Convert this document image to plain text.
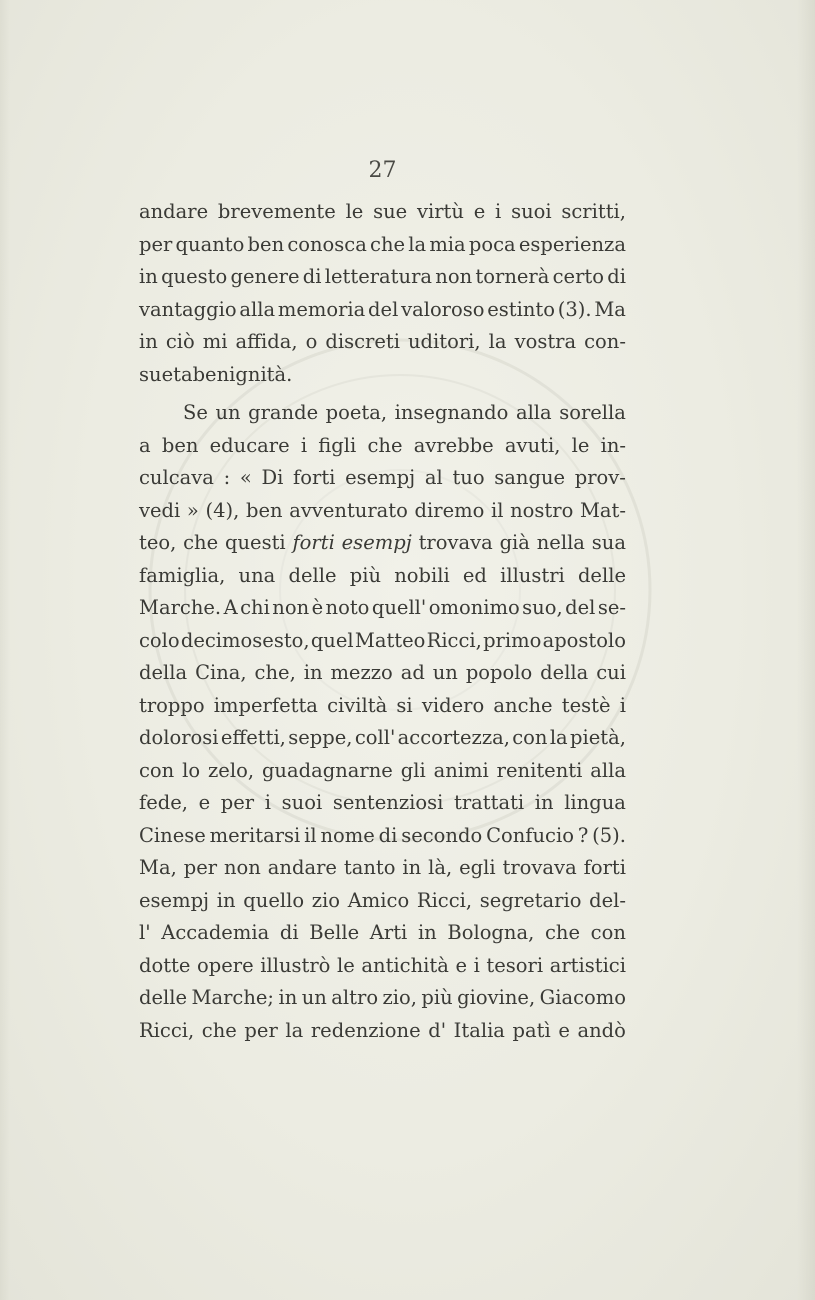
27
andare brevemente le sue virtù e i suoi scritti,
per quanto ben conosca che la mia poca esperienza
in questo genere di letteratura non tornerà certo di
vantaggio alla memoria del valoroso estinto (3). Ma
in ciò mi affida, o discreti uditori, la vostra con-
sueta benignità.
Se un grande poeta, insegnando alla sorella
a ben educare i figli che avrebbe avuti, le in-
culcava : « Di forti esempj al tuo sangue prov-
vedi » (4), ben avventurato diremo il nostro Mat-
teo, che questi forti esempj trovava già nella sua
famiglia, una delle più nobili ed illustri delle
Marche. A chi non è noto quell' omonimo suo, del se-
colo decimosesto, quel Matteo Ricci, primo apostolo
della Cina, che, in mezzo ad un popolo della cui
troppo imperfetta civiltà si videro anche testè i
dolorosi effetti, seppe, coll' accortezza, con la pietà,
con lo zelo, guadagnarne gli animi renitenti alla
fede, e per i suoi sentenziosi trattati in lingua
Cinese meritarsi il nome di secondo Confucio ? (5).
Ma, per non andare tanto in là, egli trovava forti
esempj in quello zio Amico Ricci, segretario del-
l' Accademia di Belle Arti in Bologna, che con
dotte opere illustrò le antichità e i tesori artistici
delle Marche; in un altro zio, più giovine, Giacomo
Ricci, che per la redenzione d' Italia patì e andò
